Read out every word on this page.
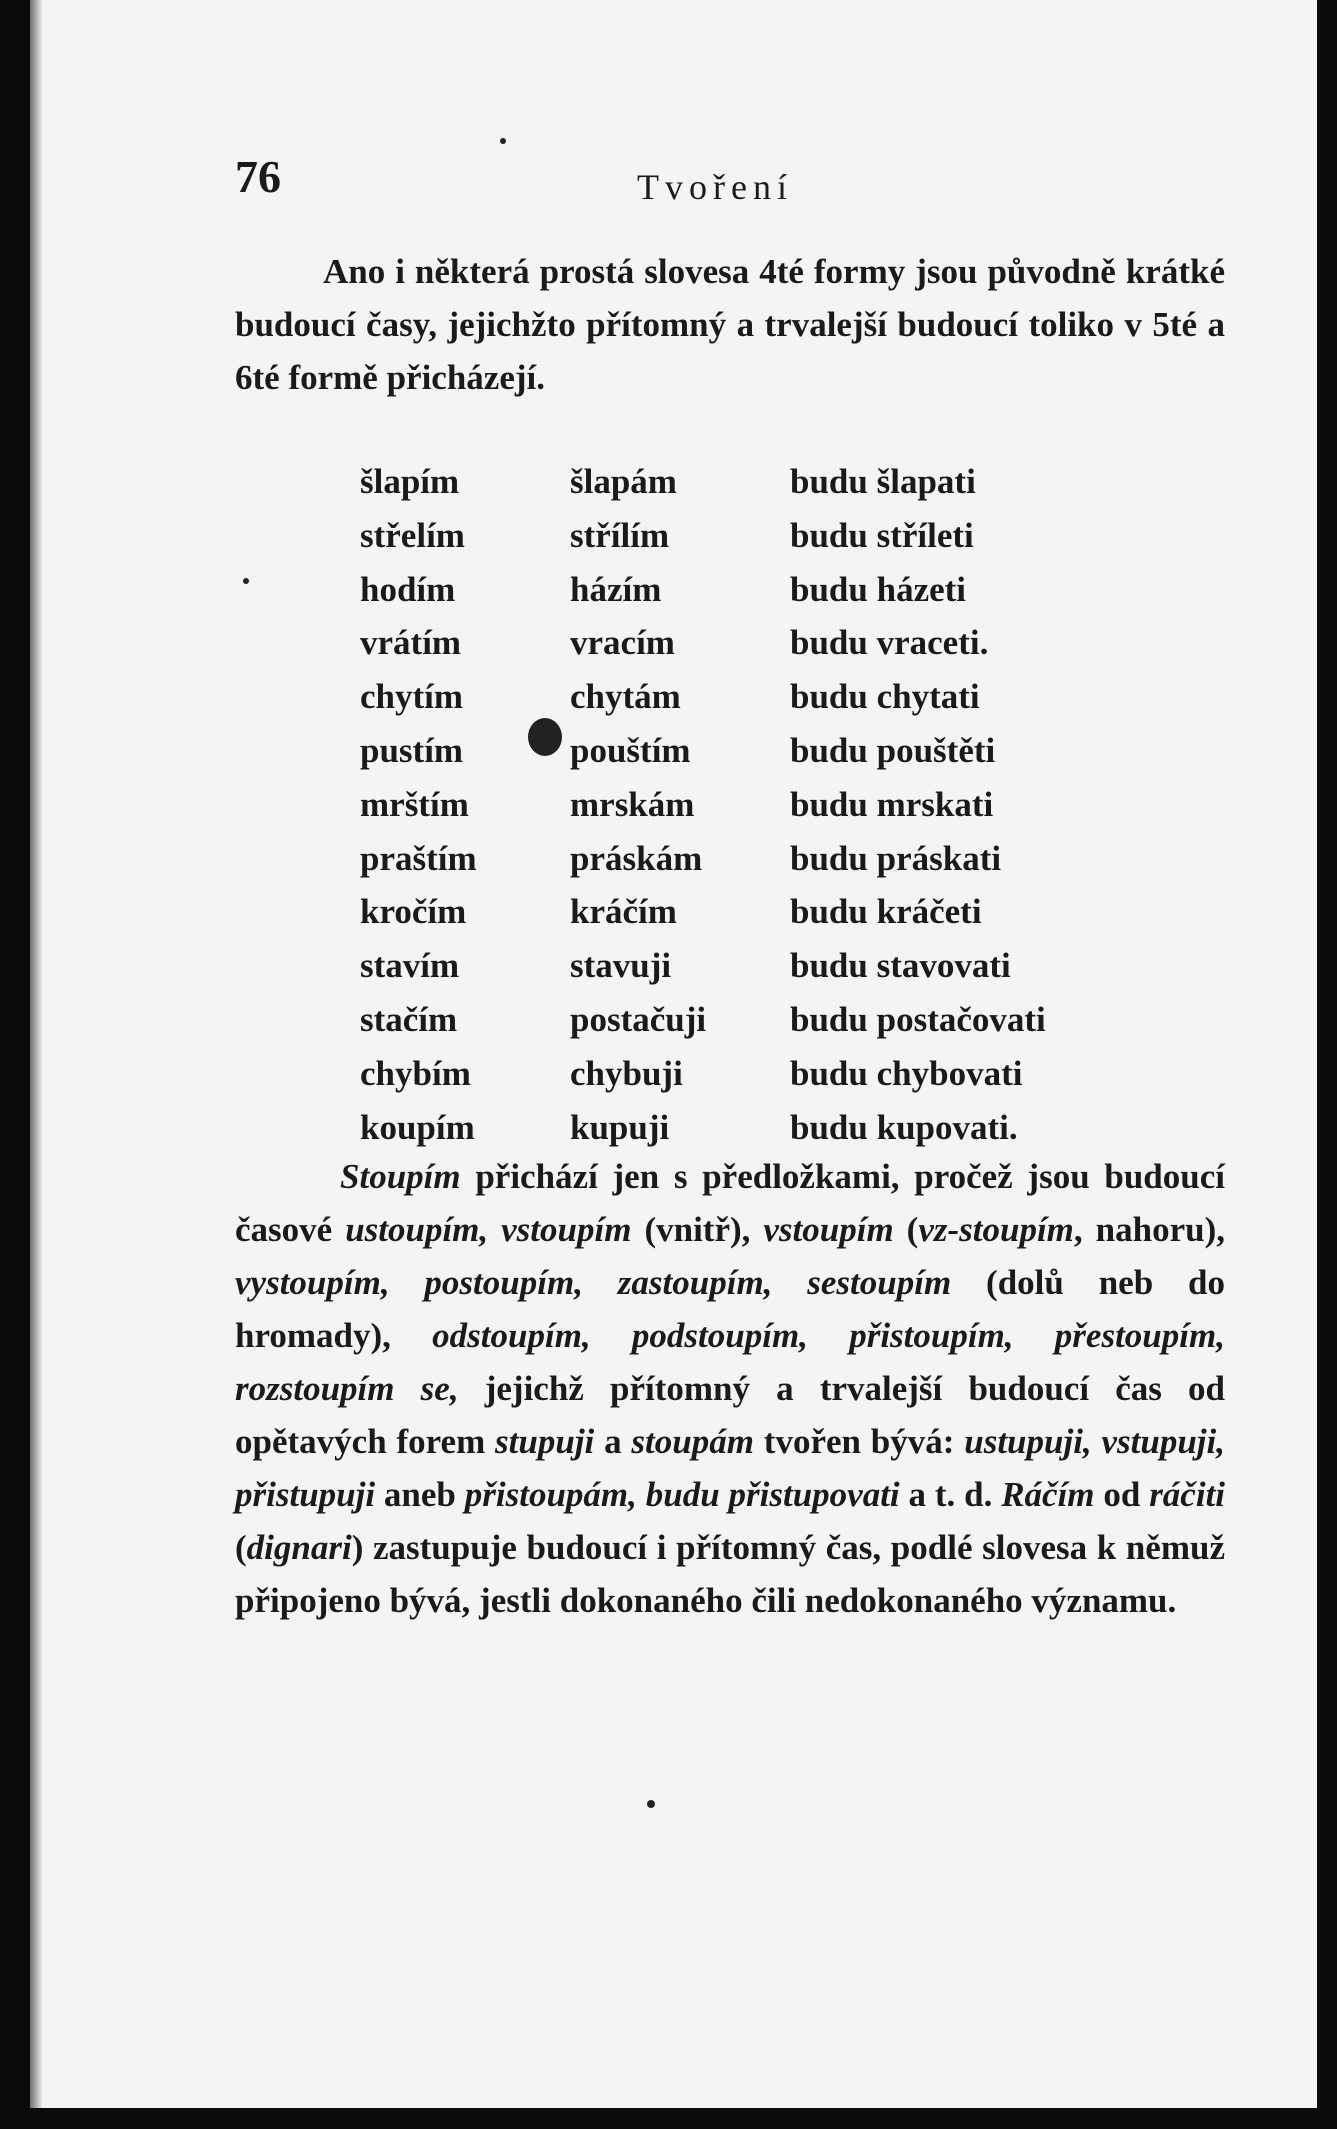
76	Tvoření

Ano i některá prostá slovesa 4té formy jsou původně krátké budoucí časy, jejichžto přítomný a trvalejší budoucí toliko v 5té a 6té formě přicházejí.

šlapím	šlapám	budu šlapati
střelím	střílím	budu stříleti
hodím	házím	budu házeti
vrátím	vracím	budu vraceti.
chytím	chytám	budu chytati
pustím	pouštím	budu pouštěti
mrštím	mrskám	budu mrskati
praštím	práskám	budu práskati
kročím	kráčím	budu kráčeti
stavím	stavuji	budu stavovati
stačím	postačuji budu postačovati
chybím	chybuji	budu chybovati
koupím	kupuji	budu kupovati.

Stoupím přichází jen s předložkami, pročež jsou budoucí časové ustoupím, vstoupím (vnitř), vstoupím (vz-stoupím, nahoru), vystoupím, postoupím, zastoupím, sestoupím (dolů neb do hromady), odstoupím, podstoupím, přistoupím, přestoupím, rozstoupím se, jejichž přítomný a trvalejší budoucí čas od opětavých forem stupuji a stoupám tvořen bývá: ustupuji, vstupuji, přistupuji aneb přistoupám, budu přistupovati a t. d. Ráčím od ráčiti (dignari) zastupuje budoucí i přítomný čas, podlé slovesa k němuž připojeno bývá, jestli dokonaného čili nedokonaného významu.
